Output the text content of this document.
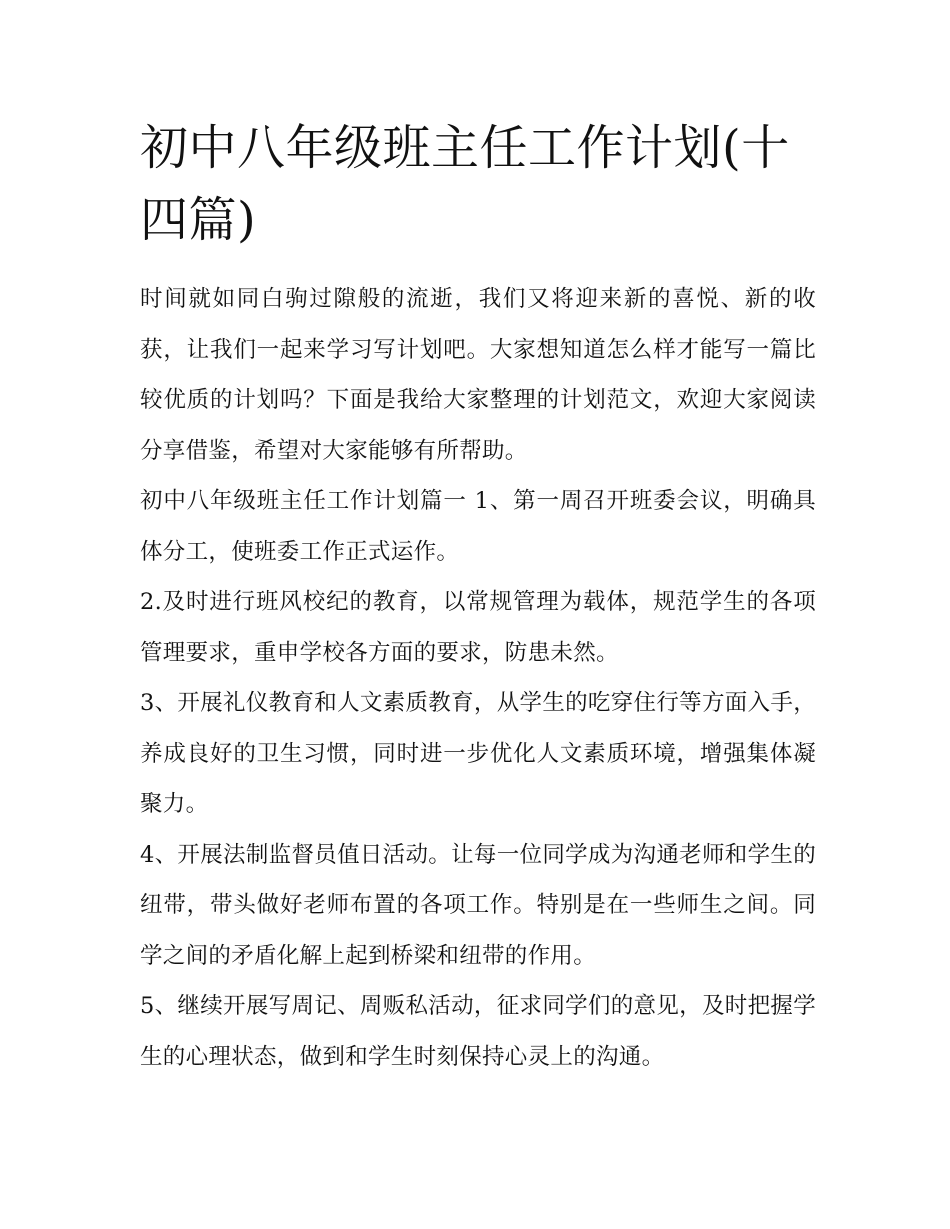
初中八年级班主任工作计划(十四篇)

时间就如同白驹过隙般的流逝，我们又将迎来新的喜悦、新的收获，让我们一起来学习写计划吧。大家想知道怎么样才能写一篇比较优质的计划吗？下面是我给大家整理的计划范文，欢迎大家阅读分享借鉴，希望对大家能够有所帮助。

初中八年级班主任工作计划篇一 1、第一周召开班委会议，明确具体分工，使班委工作正式运作。

2.及时进行班风校纪的教育，以常规管理为载体，规范学生的各项管理要求，重申学校各方面的要求，防患未然。

3、开展礼仪教育和人文素质教育，从学生的吃穿住行等方面入手，养成良好的卫生习惯，同时进一步优化人文素质环境，增强集体凝聚力。

4、开展法制监督员值日活动。让每一位同学成为沟通老师和学生的纽带，带头做好老师布置的各项工作。特别是在一些师生之间。同学之间的矛盾化解上起到桥梁和纽带的作用。

5、继续开展写周记、周贩私活动，征求同学们的意见，及时把握学生的心理状态，做到和学生时刻保持心灵上的沟通。
